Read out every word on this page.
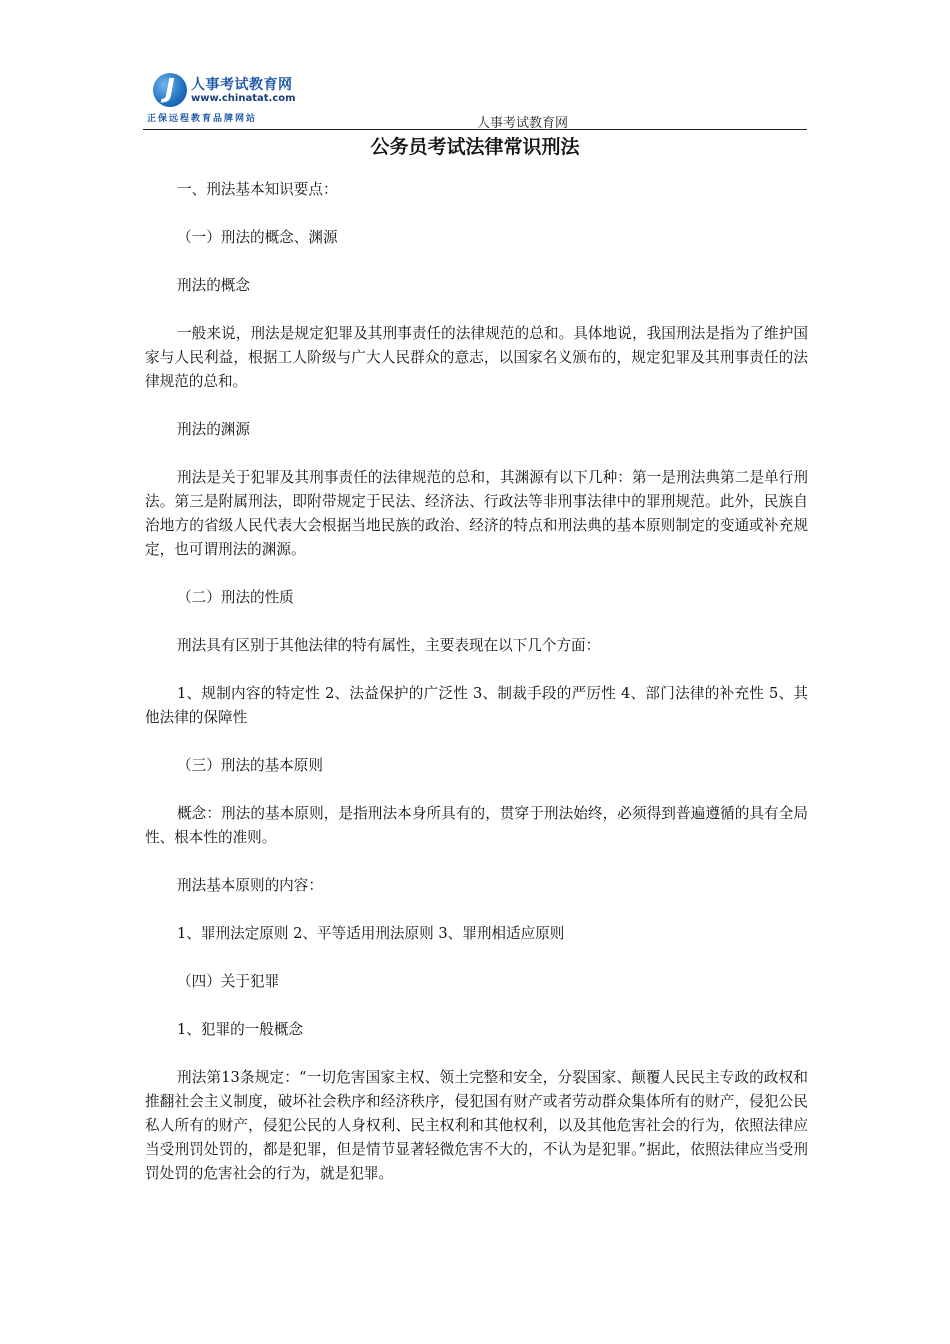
J	人事考试教育网
www.chinatat.com
正保远程教育品牌网站	人事考试教育网
公务员考试法律常识刑法

一、刑法基本知识要点：

（一）刑法的概念、渊源

刑法的概念

一般来说，刑法是规定犯罪及其刑事责任的法律规范的总和。具体地说，我国刑法是指为了维护国家与人民利益，根据工人阶级与广大人民群众的意志，以国家名义颁布的，规定犯罪及其刑事责任的法律规范的总和。

刑法的渊源

刑法是关于犯罪及其刑事责任的法律规范的总和，其渊源有以下几种：第一是刑法典第二是单行刑法。第三是附属刑法，即附带规定于民法、经济法、行政法等非刑事法律中的罪刑规范。此外，民族自治地方的省级人民代表大会根据当地民族的政治、经济的特点和刑法典的基本原则制定的变通或补充规定，也可谓刑法的渊源。

（二）刑法的性质

刑法具有区别于其他法律的特有属性，主要表现在以下几个方面：

1、规制内容的特定性 2、法益保护的广泛性 3、制裁手段的严厉性 4、部门法律的补充性 5、其他法律的保障性

（三）刑法的基本原则

概念：刑法的基本原则，是指刑法本身所具有的，贯穿于刑法始终，必须得到普遍遵循的具有全局性、根本性的准则。

刑法基本原则的内容：

1、罪刑法定原则 2、平等适用刑法原则 3、罪刑相适应原则

（四）关于犯罪

1、犯罪的一般概念

刑法第13条规定：“一切危害国家主权、领土完整和安全，分裂国家、颠覆人民民主专政的政权和推翻社会主义制度，破坏社会秩序和经济秩序，侵犯国有财产或者劳动群众集体所有的财产，侵犯公民私人所有的财产，侵犯公民的人身权利、民主权利和其他权利，以及其他危害社会的行为，依照法律应当受刑罚处罚的，都是犯罪，但是情节显著轻微危害不大的，不认为是犯罪。”据此，依照法律应当受刑罚处罚的危害社会的行为，就是犯罪。
